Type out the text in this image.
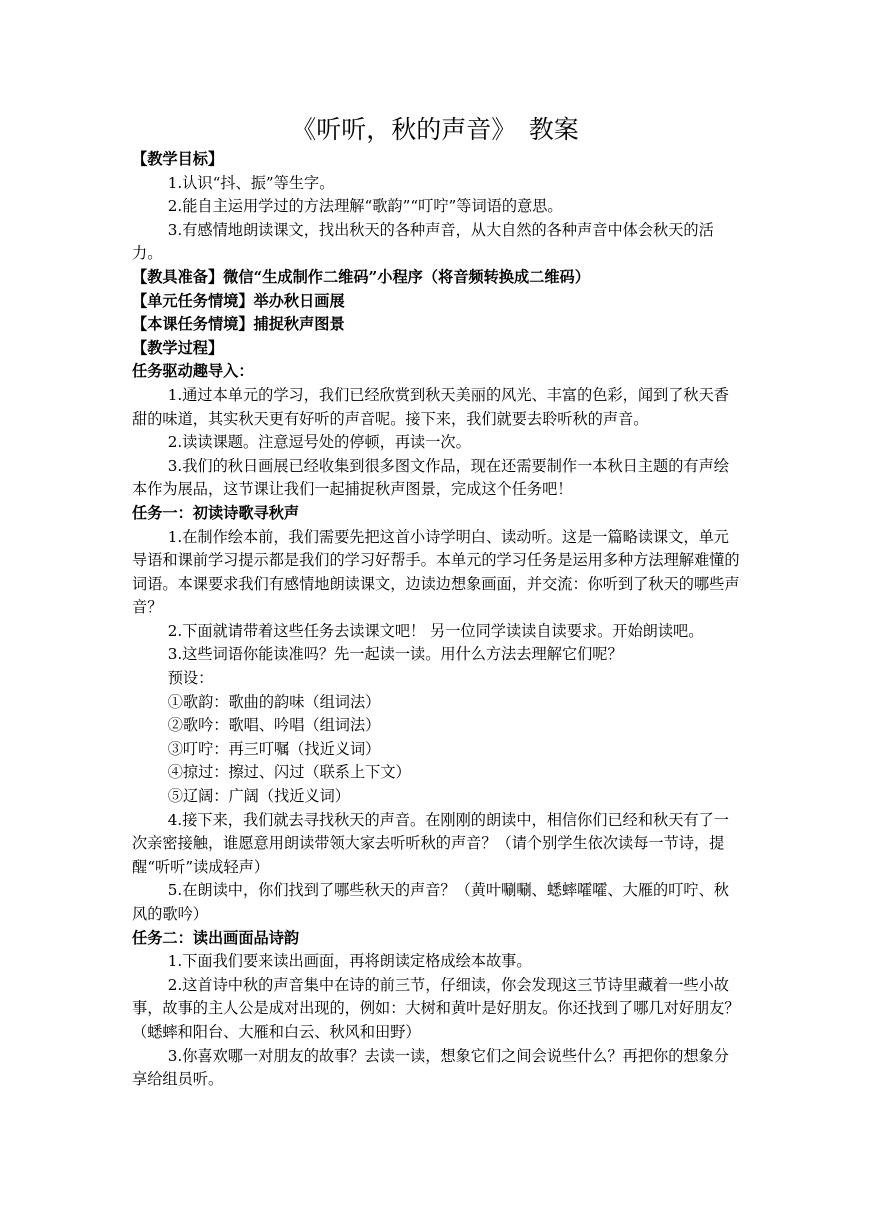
《听听，秋的声音》　教案

【教学目标】

1.认识“抖、振”等生字。

2.能自主运用学过的方法理解“歌韵”“叮咛”等词语的意思。

3.有感情地朗读课文，找出秋天的各种声音，从大自然的各种声音中体会秋天的活力。

【教具准备】微信“生成制作二维码”小程序（将音频转换成二维码）

【单元任务情境】举办秋日画展

【本课任务情境】捕捉秋声图景

【教学过程】

任务驱动趣导入：

1.通过本单元的学习，我们已经欣赏到秋天美丽的风光、丰富的色彩，闻到了秋天香甜的味道，其实秋天更有好听的声音呢。接下来，我们就要去聆听秋的声音。

2.读读课题。注意逗号处的停顿，再读一次。

3.我们的秋日画展已经收集到很多图文作品，现在还需要制作一本秋日主题的有声绘本作为展品，这节课让我们一起捕捉秋声图景，完成这个任务吧！

任务一：初读诗歌寻秋声

1.在制作绘本前，我们需要先把这首小诗学明白、读动听。这是一篇略读课文，单元导语和课前学习提示都是我们的学习好帮手。本单元的学习任务是运用多种方法理解难懂的词语。本课要求我们有感情地朗读课文，边读边想象画面，并交流：你听到了秋天的哪些声音？

2.下面就请带着这些任务去读课文吧！ 另一位同学读读自读要求。开始朗读吧。

3.这些词语你能读准吗？先一起读一读。用什么方法去理解它们呢？

预设：

①歌韵：歌曲的韵味（组词法）

②歌吟：歌唱、吟唱（组词法）

③叮咛：再三叮嘱（找近义词）

④掠过：擦过、闪过（联系上下文）

⑤辽阔：广阔（找近义词）

4.接下来，我们就去寻找秋天的声音。在刚刚的朗读中，相信你们已经和秋天有了一次亲密接触，谁愿意用朗读带领大家去听听秋的声音？（请个别学生依次读每一节诗，提醒“听听”读成轻声）

5.在朗读中，你们找到了哪些秋天的声音？（黄叶唰唰、蟋蟀嚯嚯、大雁的叮咛、秋风的歌吟）

任务二：读出画面品诗韵

1.下面我们要来读出画面，再将朗读定格成绘本故事。

2.这首诗中秋的声音集中在诗的前三节，仔细读，你会发现这三节诗里藏着一些小故事，故事的主人公是成对出现的，例如：大树和黄叶是好朋友。你还找到了哪几对好朋友？（蟋蟀和阳台、大雁和白云、秋风和田野）

3.你喜欢哪一对朋友的故事？去读一读，想象它们之间会说些什么？再把你的想象分享给组员听。
